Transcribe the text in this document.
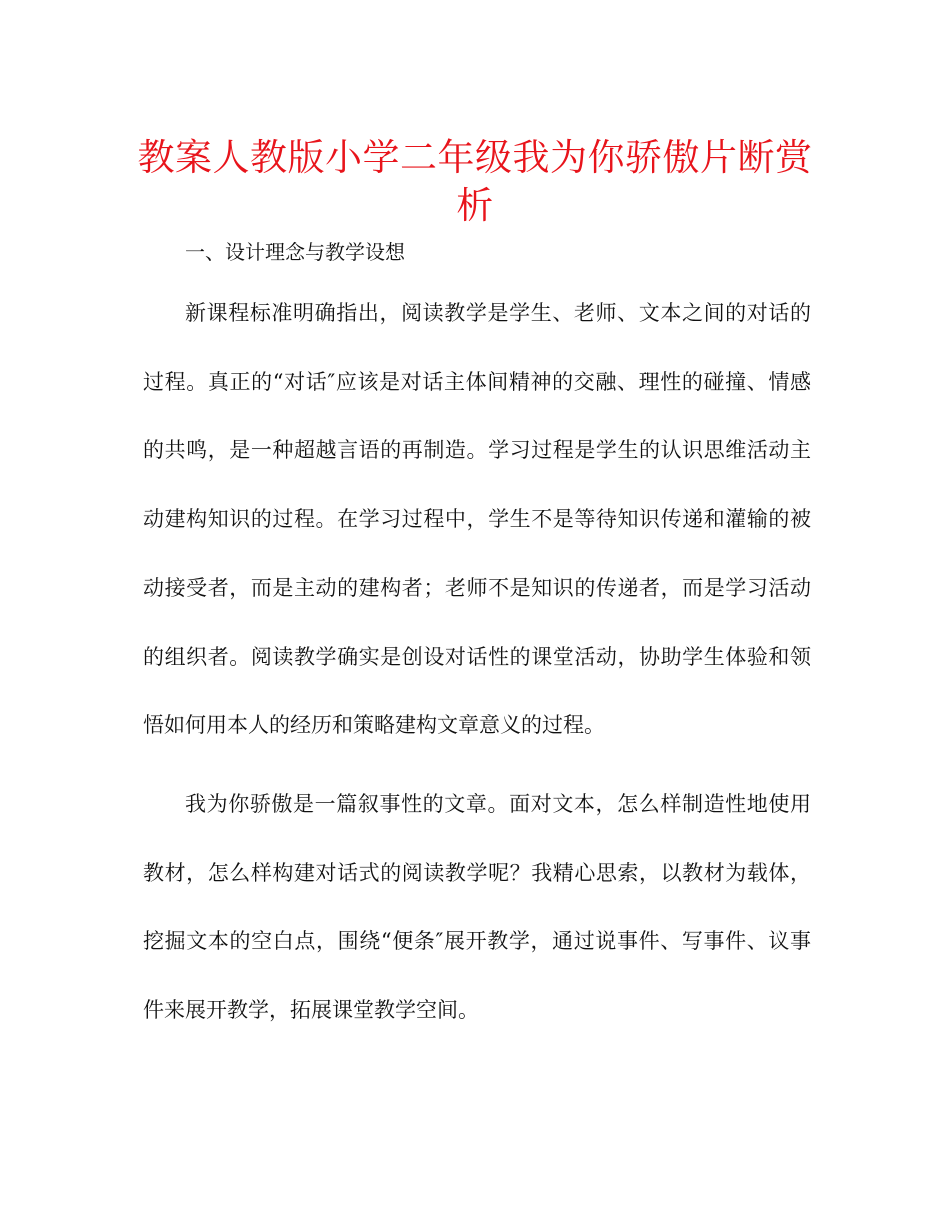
教案人教版小学二年级我为你骄傲片断赏析

一、设计理念与教学设想

新课程标准明确指出，阅读教学是学生、老师、文本之间的对话的过程。真正的“对话″应该是对话主体间精神的交融、理性的碰撞、情感的共鸣，是一种超越言语的再制造。学习过程是学生的认识思维活动主动建构知识的过程。在学习过程中，学生不是等待知识传递和灌输的被动接受者，而是主动的建构者；老师不是知识的传递者，而是学习活动的组织者。阅读教学确实是创设对话性的课堂活动，协助学生体验和领悟如何用本人的经历和策略建构文章意义的过程。

我为你骄傲是一篇叙事性的文章。面对文本，怎么样制造性地使用教材，怎么样构建对话式的阅读教学呢？我精心思索，以教材为载体，挖掘文本的空白点，围绕“便条″展开教学，通过说事件、写事件、议事件来展开教学，拓展课堂教学空间。
